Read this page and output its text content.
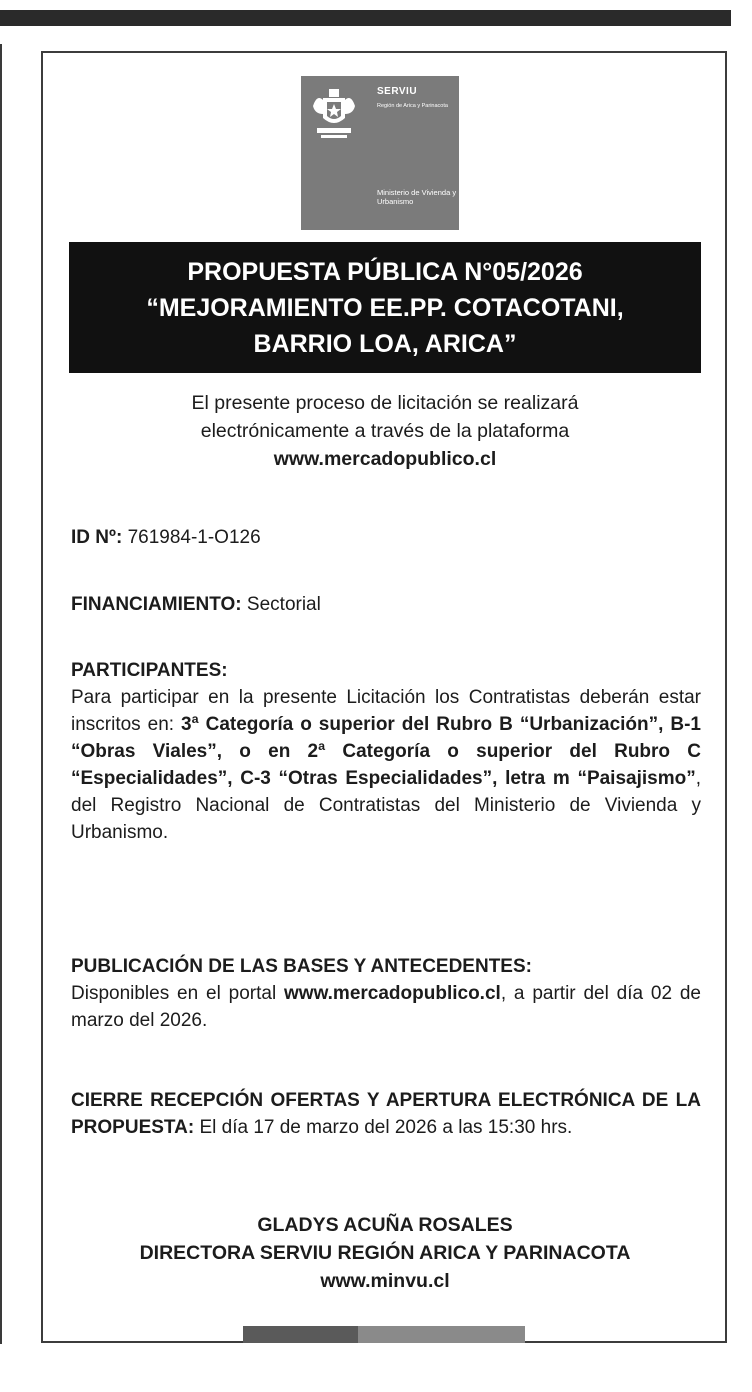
SERVIU
Región de Arica y Parinacota
Ministerio de Vivienda y Urbanismo
PROPUESTA PÚBLICA N°05/2026
“MEJORAMIENTO EE.PP. COTACOTANI,
BARRIO LOA, ARICA”
El presente proceso de licitación se realizará
electrónicamente a través de la plataforma
www.mercadopublico.cl
ID Nº: 761984-1-O126
FINANCIAMIENTO: Sectorial
PARTICIPANTES:
Para participar en la presente Licitación los Contratistas deberán estar inscritos en: 3ª Categoría o superior del Rubro B “Urbanización”, B-1 “Obras Viales”, o en 2ª Categoría o superior del Rubro C “Especialidades”, C-3 “Otras Especialidades”, letra m “Paisajismo”, del Registro Nacional de Contratistas del Ministerio de Vivienda y Urbanismo.
PUBLICACIÓN DE LAS BASES Y ANTECEDENTES:
Disponibles en el portal www.mercadopublico.cl, a partir del día 02 de marzo del 2026.
CIERRE RECEPCIÓN OFERTAS Y APERTURA ELECTRÓNICA DE LA PROPUESTA: El día 17 de marzo del 2026 a las 15:30 hrs.
GLADYS ACUÑA ROSALES
DIRECTORA SERVIU REGIÓN ARICA Y PARINACOTA
www.minvu.cl
